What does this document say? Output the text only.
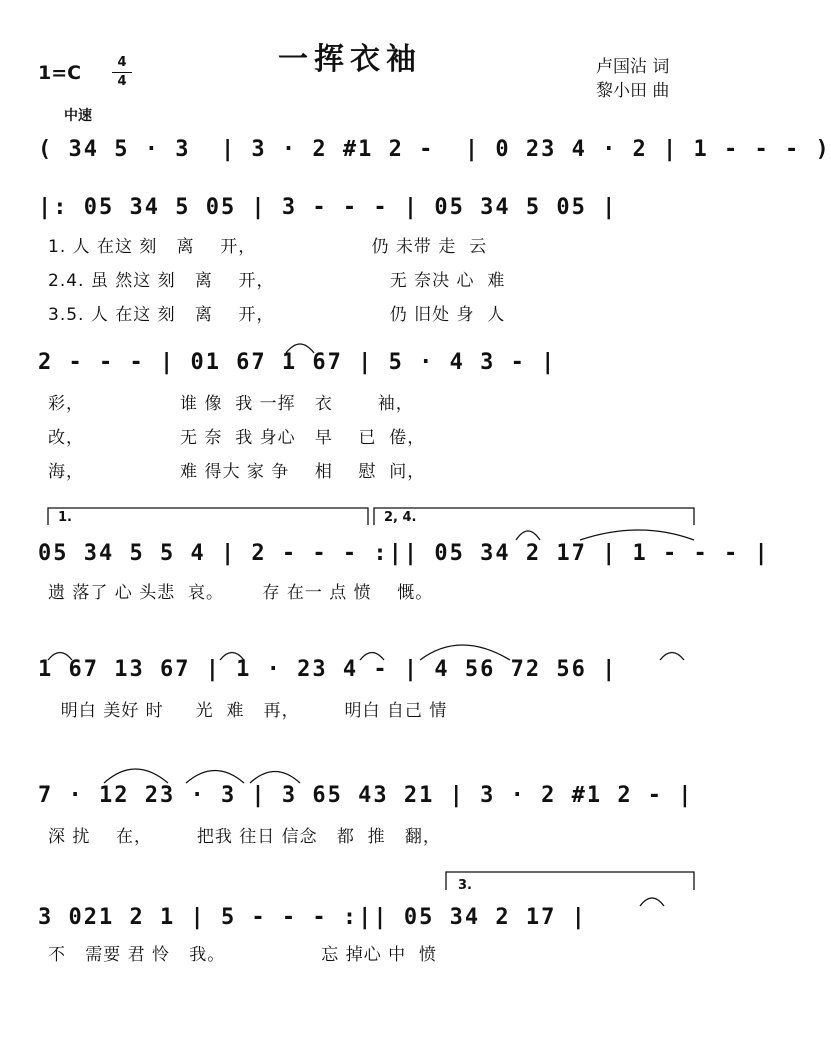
一挥衣袖
1=C	4
4
卢国沾 词
黎小田 曲
中速
( 34 5 · 3  | 3 · 2 #1 2 -  | 0 23 4 · 2 | 1 - - - )
|: 05 34 5 05 | 3 - - - | 05 34 5 05 |
1. 人 在这 刻   离    开，                  仍 未带 走  云
2.4. 虽 然这 刻   离    开，                  无 奈决 心  难
3.5. 人 在这 刻   离    开，                  仍 旧处 身  人
2 - - - | 01 67 1 67 | 5 · 4 3 - |
彩，               谁 像  我 一挥   衣       袖，
改，               无 奈  我 身心   早    已  倦，
海，               难 得大 家 争    相    慰  问，
1.	2, 4.
05 34 5 5 4 | 2 - - - :|| 05 34 2 17 | 1 - - - |
遗 落了 心 头悲  哀。      存 在一 点 愤    慨。
1 67 13 67 | 1 · 23 4 - | 4 56 72 56 |
明白 美好 时     光  难   再，       明白 自己 情
7 · 12 23 · 3 | 3 65 43 21 | 3 · 2 #1 2 - |
深 扰    在，       把我 往日 信念   都  推   翻，
3.
3 021 2 1 | 5 - - - :|| 05 34 2 17 |
不   需要 君 怜   我。               忘 掉心 中  愤
